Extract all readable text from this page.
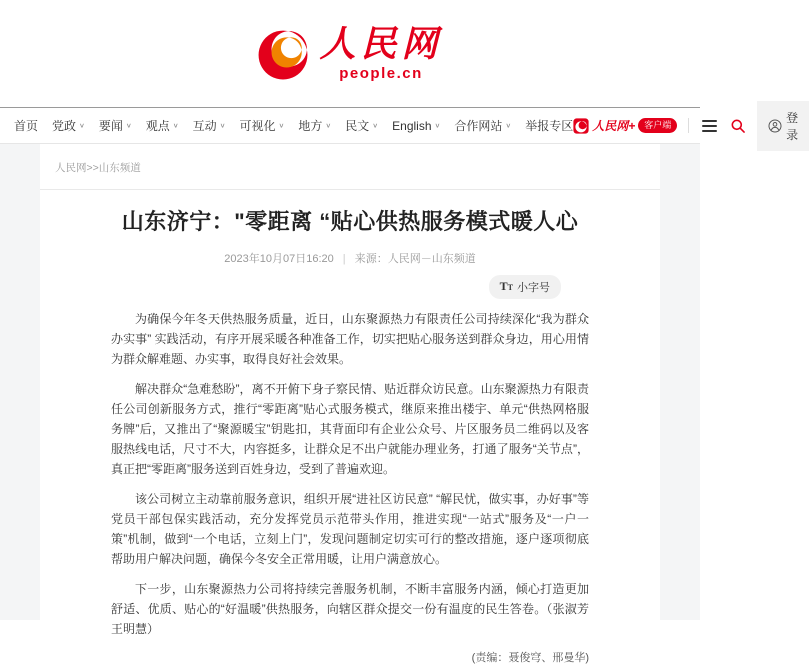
人民网
people.cn
首页 党政 ∨ 要闻 ∨ 观点 ∨ 互动 ∨ 可视化 ∨ 地方 ∨ 民文 ∨ English ∨ 合作网站 ∨ 举报专区 人民网+	客户端
登录
人民网>>山东频道
山东济宁："零距离 “贴心供热服务模式暖人心
2023年10月07日16:20 | 来源：人民网－山东频道
T T 小字号

为确保今年冬天供热服务质量，近日，山东聚源热力有限责任公司持续深化“我为群众办实事” 实践活动，有序开展采暖各种准备工作，切实把贴心服务送到群众身边，用心用情为群众解难题、办实事，取得良好社会效果。

解决群众“急难愁盼”，离不开俯下身子察民情、贴近群众访民意。山东聚源热力有限责任公司创新服务方式，推行“零距离”贴心式服务模式，继原来推出楼宇、单元“供热网格服务牌”后，又推出了“聚源暖宝”钥匙扣，其背面印有企业公众号、片区服务员二维码以及客服热线电话，尺寸不大，内容挺多，让群众足不出户就能办理业务，打通了服务“关节点”，真正把“零距离”服务送到百姓身边，受到了普遍欢迎。

该公司树立主动靠前服务意识，组织开展“进社区访民意” “解民忧，做实事，办好事”等党员干部包保实践活动，充分发挥党员示范带头作用，推进实现“一站式”服务及“一户一策”机制，做到“一个电话，立刻上门”，发现问题制定切实可行的整改措施，逐户逐项彻底帮助用户解决问题，确保今冬安全正常用暖，让用户满意放心。

下一步，山东聚源热力公司将持续完善服务机制，不断丰富服务内涵，倾心打造更加舒适、优质、贴心的“好温暖”供热服务，向辖区群众提交一份有温度的民生答卷。（张淑芳 王明慧）

(责编：聂俊穹、邢曼华)
